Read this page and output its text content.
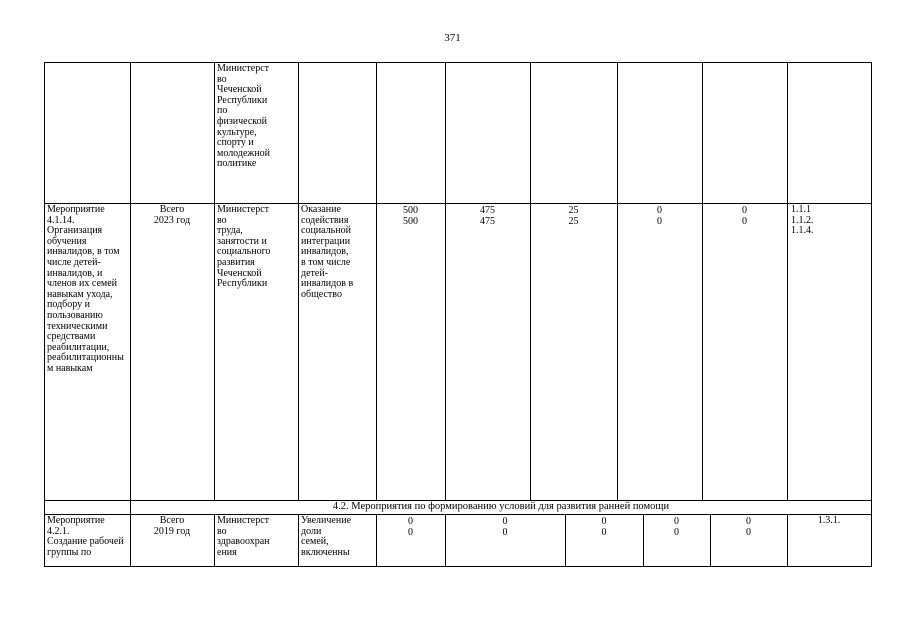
371
Министерст
во
Чеченской
Республики
по
физической
культуре,
спорту и
молодежной
политике
Мероприятие
4.1.14.
Организация
обучения
инвалидов, в том
числе детей-
инвалидов, и
членов их семей
навыкам ухода,
подбору и
пользованию
техническими
средствами
реабилитации,
реабилитационны
м навыкам
Всего
2023 год
Министерст
во
труда,
занятости и
социального
развития
Чеченской
Республики
Оказание
содействия
социальной
интеграции
инвалидов,
в том числе
детей-
инвалидов в
общество
500
500
475
475
25
25
0
0
0
0
1.1.1
1.1.2.
1.1.4.
4.2. Мероприятия по формированию условий для развития ранней помощи
Мероприятие
4.2.1.
Создание рабочей
группы по
Всего
2019 год
Министерст
во
здравоохран
ения
Увеличение
доли
семей,
включенны
0
0
0
0
0
0
0
0
0
0
1.3.1.
